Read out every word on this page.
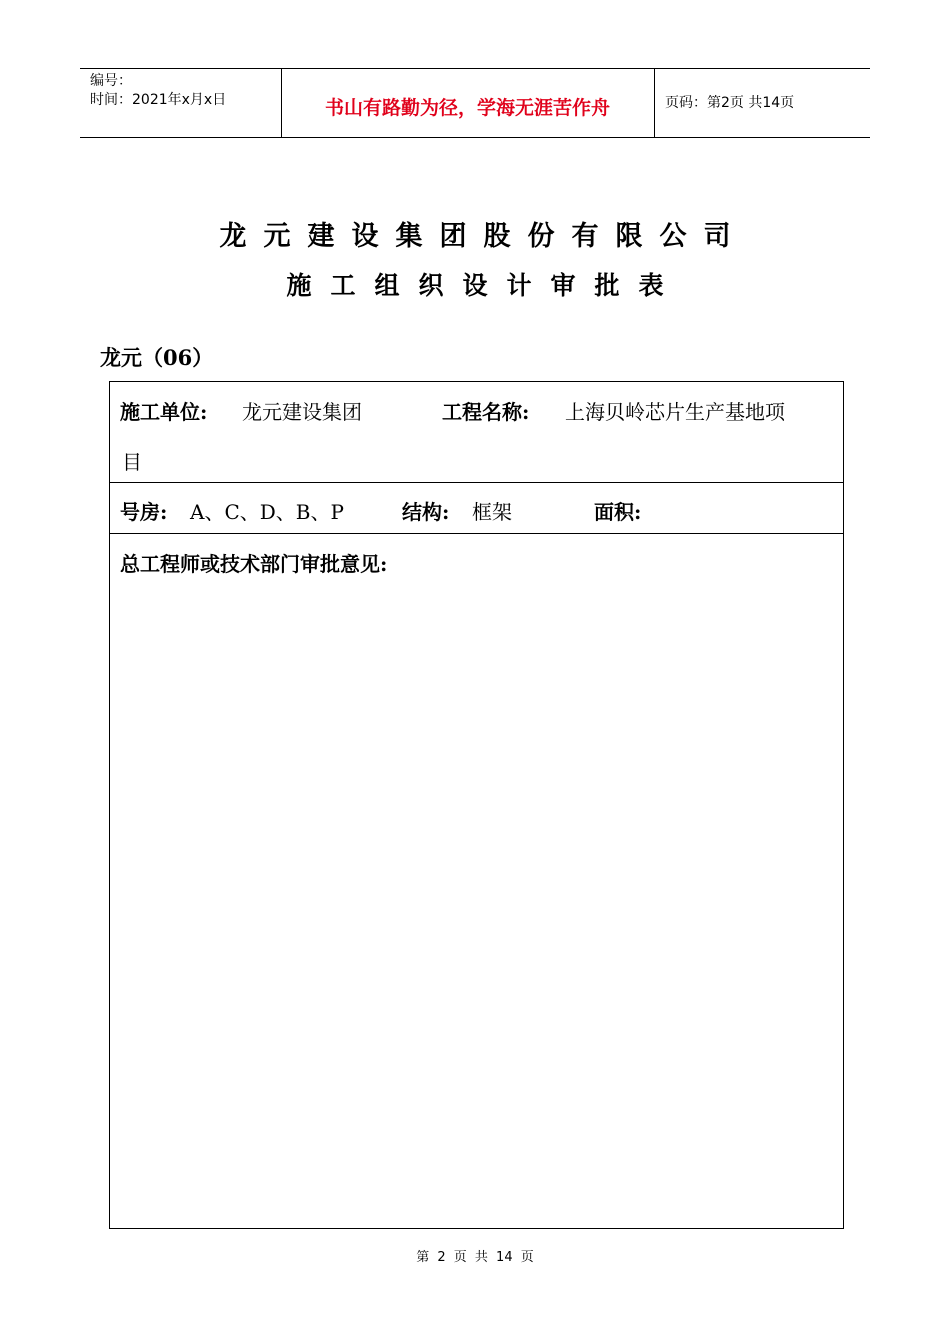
编号：
时间：2021年x月x日	书山有路勤为径，学海无涯苦作舟	页码：第2页 共14页
龙元建设集团股份有限公司
施工组织设计审批表
龙元（06）
施工单位: 龙元建设集团	工程名称: 上海贝岭芯片生产基地项
目
号房: A、C、D、B、P	结构: 框架	面积:
总工程师或技术部门审批意见:
第 2 页 共 14 页
